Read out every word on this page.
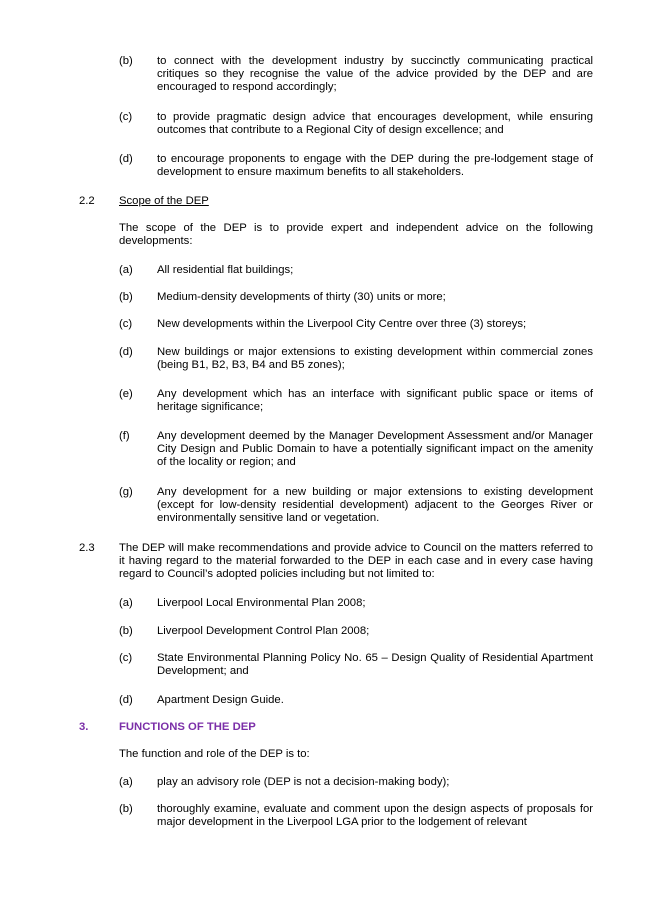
(b) to connect with the development industry by succinctly communicating practical critiques so they recognise the value of the advice provided by the DEP and are encouraged to respond accordingly;
(c) to provide pragmatic design advice that encourages development, while ensuring outcomes that contribute to a Regional City of design excellence; and
(d) to encourage proponents to engage with the DEP during the pre-lodgement stage of development to ensure maximum benefits to all stakeholders.
2.2 Scope of the DEP
The scope of the DEP is to provide expert and independent advice on the following developments:
(a) All residential flat buildings;
(b) Medium-density developments of thirty (30) units or more;
(c) New developments within the Liverpool City Centre over three (3) storeys;
(d) New buildings or major extensions to existing development within commercial zones (being B1, B2, B3, B4 and B5 zones);
(e) Any development which has an interface with significant public space or items of heritage significance;
(f) Any development deemed by the Manager Development Assessment and/or Manager City Design and Public Domain to have a potentially significant impact on the amenity of the locality or region; and
(g) Any development for a new building or major extensions to existing development (except for low-density residential development) adjacent to the Georges River or environmentally sensitive land or vegetation.
2.3 The DEP will make recommendations and provide advice to Council on the matters referred to it having regard to the material forwarded to the DEP in each case and in every case having regard to Council’s adopted policies including but not limited to:
(a) Liverpool Local Environmental Plan 2008;
(b) Liverpool Development Control Plan 2008;
(c) State Environmental Planning Policy No. 65 – Design Quality of Residential Apartment Development; and
(d) Apartment Design Guide.
3.	FUNCTIONS OF THE DEP
The function and role of the DEP is to:
(a) play an advisory role (DEP is not a decision-making body);
(b) thoroughly examine, evaluate and comment upon the design aspects of proposals for major development in the Liverpool LGA prior to the lodgement of relevant
